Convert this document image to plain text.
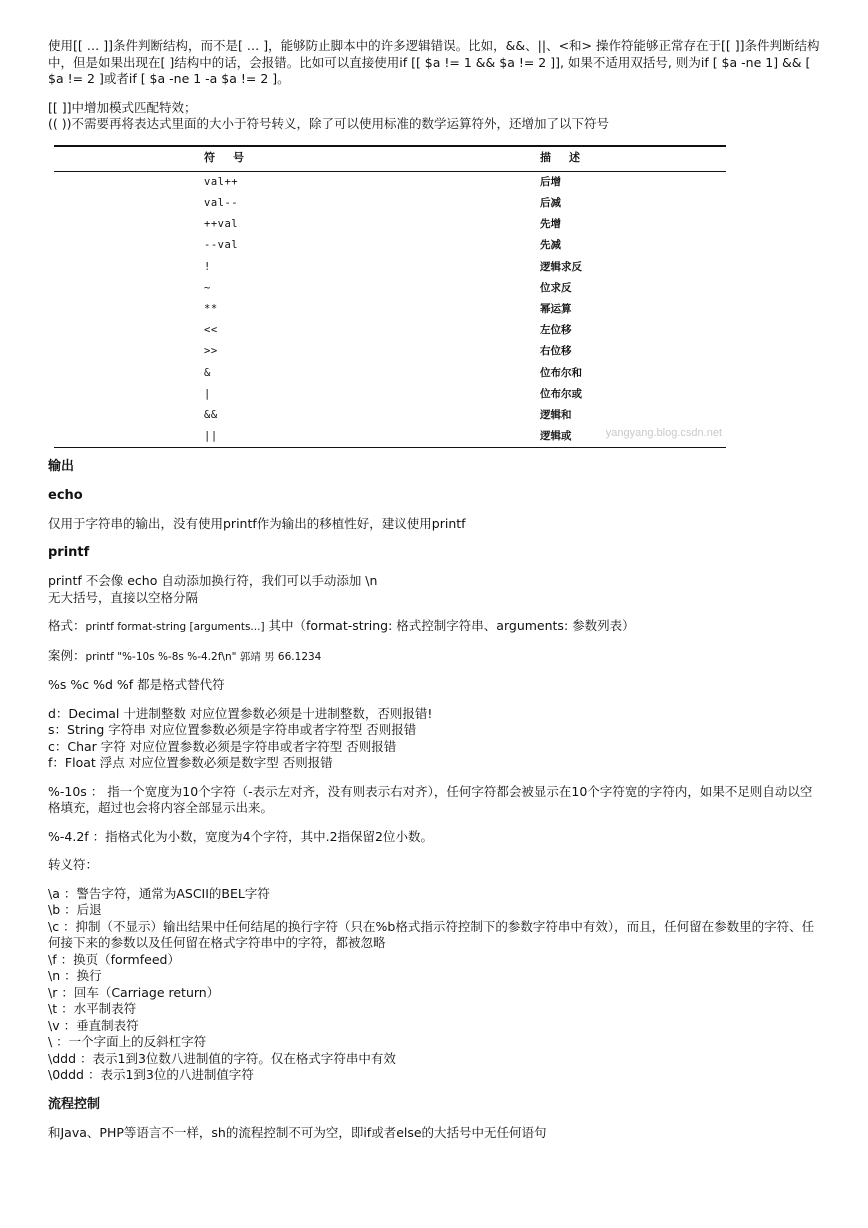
使用[[ … ]]条件判断结构，而不是[ … ]，能够防止脚本中的许多逻辑错误。比如，&&、||、<和> 操作符能够正常存在于[[ ]]条件判断结构中，但是如果出现在[ ]结构中的话，会报错。比如可以直接使用if [[ $a != 1 && $a != 2 ]], 如果不适用双括号, 则为if [ $a -ne 1] && [ $a != 2 ]或者if [ $a -ne 1 -a $a != 2 ]。

[[ ]]中增加模式匹配特效；

(( ))不需要再将表达式里面的大小于符号转义，除了可以使用标准的数学运算符外，还增加了以下符号

符号	描述
val++	后增
val--	后减
++val	先增
--val	先减
!	逻辑求反
~	位求反
**	幂运算
<<	左位移
>>	右位移
&	位布尔和
|	位布尔或
&&	逻辑和
||	逻辑或	yangyang.blog.csdn.net
输出
echo

仅用于字符串的输出，没有使用printf作为输出的移植性好，建议使用printf

printf

printf 不会像 echo 自动添加换行符，我们可以手动添加 \n

无大括号，直接以空格分隔

格式：printf format-string [arguments...] 其中（format-string: 格式控制字符串、arguments: 参数列表）

案例：printf "%-10s %-8s %-4.2f\n" 郭靖 男 66.1234

%s %c %d %f 都是格式替代符

d：Decimal 十进制整数 对应位置参数必须是十进制整数，否则报错!

s：String 字符串 对应位置参数必须是字符串或者字符型 否则报错

c：Char 字符 对应位置参数必须是字符串或者字符型 否则报错

f：Float 浮点 对应位置参数必须是数字型 否则报错

%-10s ： 指一个宽度为10个字符（-表示左对齐，没有则表示右对齐），任何字符都会被显示在10个字符宽的字符内，如果不足则自动以空格填充，超过也会将内容全部显示出来。

%-4.2f ：指格式化为小数，宽度为4个字符，其中.2指保留2位小数。

转义符：

\a ：警告字符，通常为ASCII的BEL字符

\b ：后退

\c ：抑制（不显示）输出结果中任何结尾的换行字符（只在%b格式指示符控制下的参数字符串中有效），而且，任何留在参数里的字符、任何接下来的参数以及任何留在格式字符串中的字符，都被忽略

\f ：换页（formfeed）

\n ：换行

\r ：回车（Carriage return）

\t ：水平制表符

\v ：垂直制表符

\ ：一个字面上的反斜杠字符

\ddd ：表示1到3位数八进制值的字符。仅在格式字符串中有效

\0ddd ：表示1到3位的八进制值字符

流程控制

和Java、PHP等语言不一样，sh的流程控制不可为空，即if或者else的大括号中无任何语句
